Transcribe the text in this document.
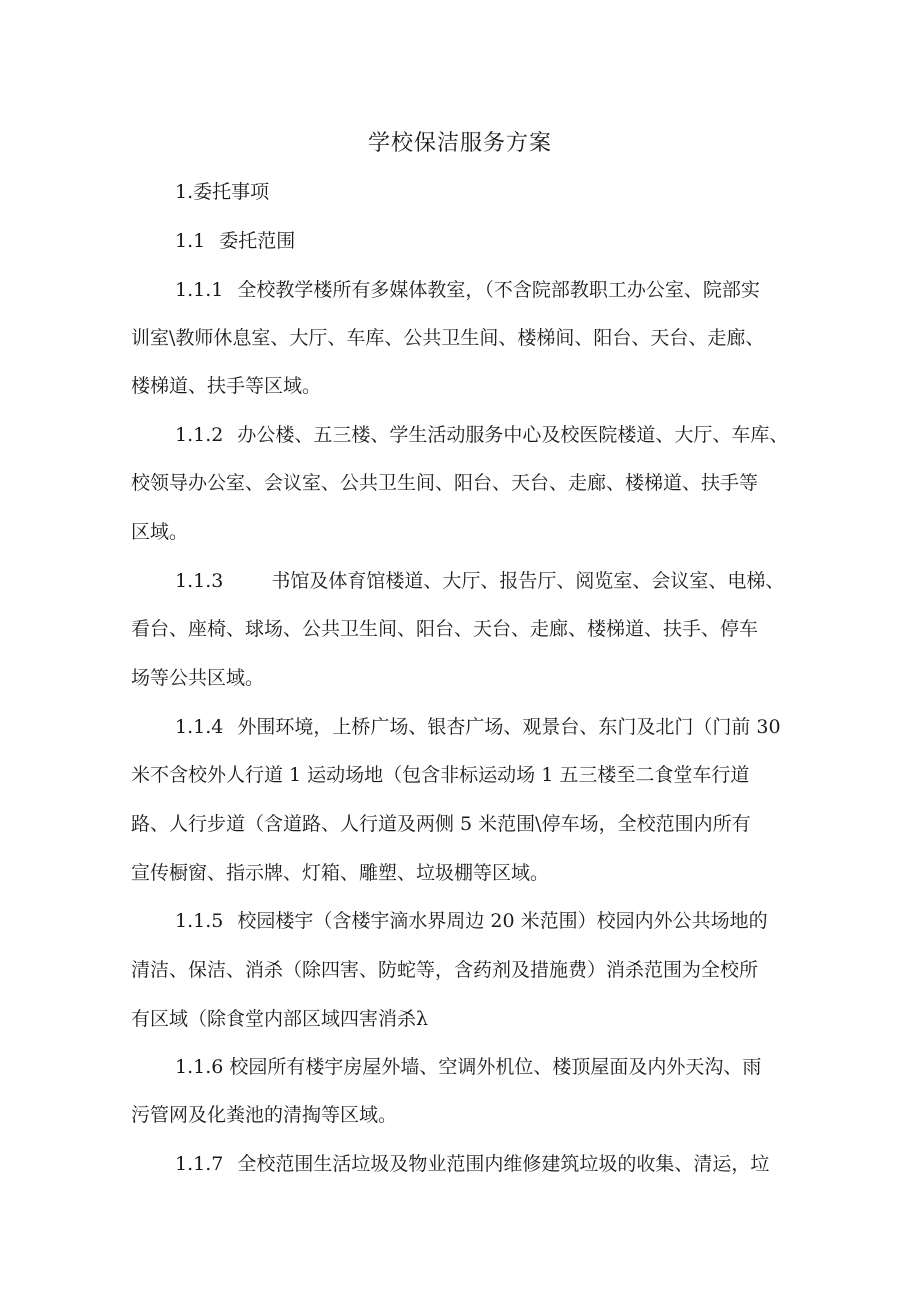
学校保洁服务方案
1.委托事项
1.1 委托范围
1.1.1 全校教学楼所有多媒体教室，（不含院部教职工办公室、院部实
训室\教师休息室、大厅、车库、公共卫生间、楼梯间、阳台、天台、走廊、
楼梯道、扶手等区域。
1.1.2 办公楼、五三楼、学生活动服务中心及校医院楼道、大厅、车库、
校领导办公室、会议室、公共卫生间、阳台、天台、走廊、楼梯道、扶手等
区域。
1.1.3	书馆及体育馆楼道、大厅、报告厅、阅览室、会议室、电梯、
看台、座椅、球场、公共卫生间、阳台、天台、走廊、楼梯道、扶手、停车
场等公共区域。
1.1.4 外围环境，上桥广场、银杏广场、观景台、东门及北门（门前 30
米不含校外人行道 1 运动场地（包含非标运动场 1 五三楼至二食堂车行道
路、人行步道（含道路、人行道及两侧 5 米范围\停车场，全校范围内所有
宣传橱窗、指示牌、灯箱、雕塑、垃圾棚等区域。
1.1.5 校园楼宇（含楼宇滴水界周边 20 米范围）校园内外公共场地的
清洁、保洁、消杀（除四害、防蛇等，含药剂及措施费）消杀范围为全校所
有区域（除食堂内部区域四害消杀λ
1.1.6 校园所有楼宇房屋外墙、空调外机位、楼顶屋面及内外天沟、雨
污管网及化粪池的清掏等区域。
1.1.7 全校范围生活垃圾及物业范围内维修建筑垃圾的收集、清运，垃
